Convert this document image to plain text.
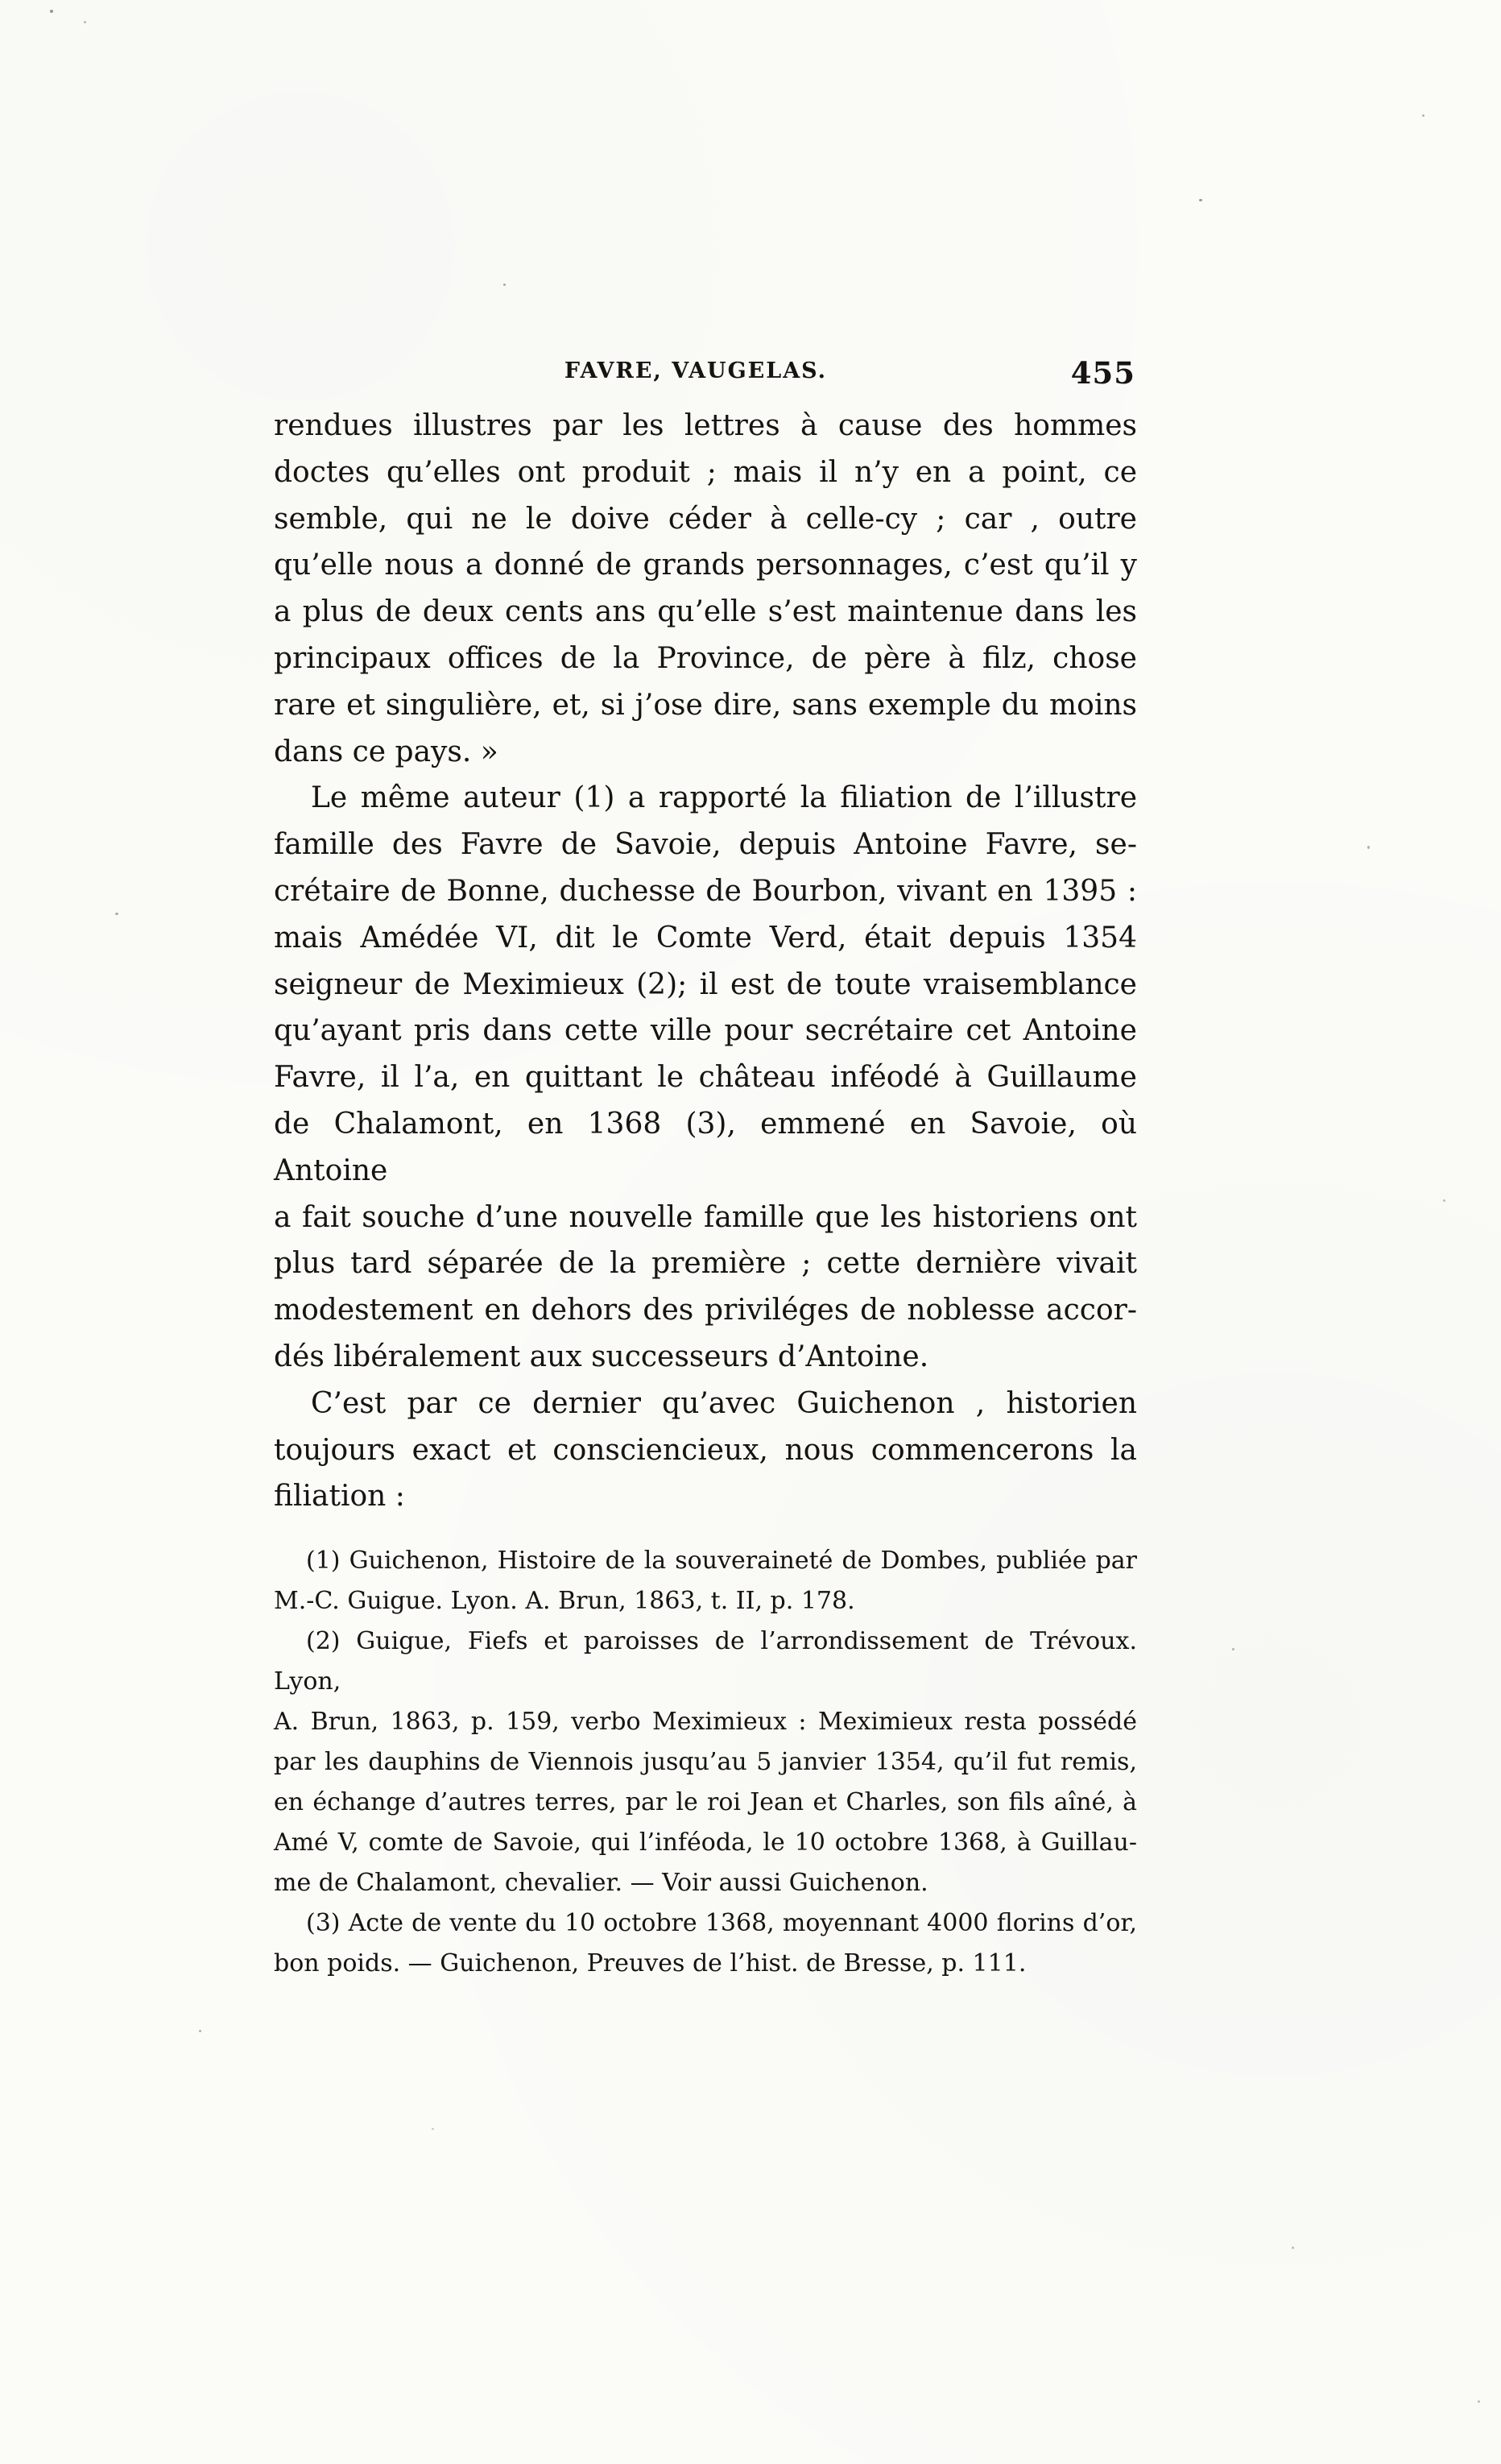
FAVRE, VAUGELAS.	455
rendues illustres par les lettres à cause des hommes
doctes qu’elles ont produit ; mais il n’y en a point, ce
semble, qui ne le doive céder à celle-cy ; car , outre
qu’elle nous a donné de grands personnages, c’est qu’il y
a plus de deux cents ans qu’elle s’est maintenue dans les
principaux offices de la Province, de père à filz, chose
rare et singulière, et, si j’ose dire, sans exemple du moins
dans ce pays. »
Le même auteur (1) a rapporté la filiation de l’illustre
famille des Favre de Savoie, depuis Antoine Favre, se-
crétaire de Bonne, duchesse de Bourbon, vivant en 1395 :
mais Amédée VI, dit le Comte Verd, était depuis 1354
seigneur de Meximieux (2); il est de toute vraisemblance
qu’ayant pris dans cette ville pour secrétaire cet Antoine
Favre, il l’a, en quittant le château inféodé à Guillaume
de Chalamont, en 1368 (3), emmené en Savoie, où Antoine
a fait souche d’une nouvelle famille que les historiens ont
plus tard séparée de la première ; cette dernière vivait
modestement en dehors des priviléges de noblesse accor-
dés libéralement aux successeurs d’Antoine.
C’est par ce dernier qu’avec Guichenon , historien
toujours exact et consciencieux, nous commencerons la
filiation :
(1) Guichenon, Histoire de la souveraineté de Dombes, publiée par
M.-C. Guigue. Lyon. A. Brun, 1863, t. II, p. 178.
(2) Guigue, Fiefs et paroisses de l’arrondissement de Trévoux. Lyon,
A. Brun, 1863, p. 159, verbo Meximieux : Meximieux resta possédé
par les dauphins de Viennois jusqu’au 5 janvier 1354, qu’il fut remis,
en échange d’autres terres, par le roi Jean et Charles, son fils aîné, à
Amé V, comte de Savoie, qui l’inféoda, le 10 octobre 1368, à Guillau-
me de Chalamont, chevalier. — Voir aussi Guichenon.
(3) Acte de vente du 10 octobre 1368, moyennant 4000 florins d’or,
bon poids. — Guichenon, Preuves de l’hist. de Bresse, p. 111.
